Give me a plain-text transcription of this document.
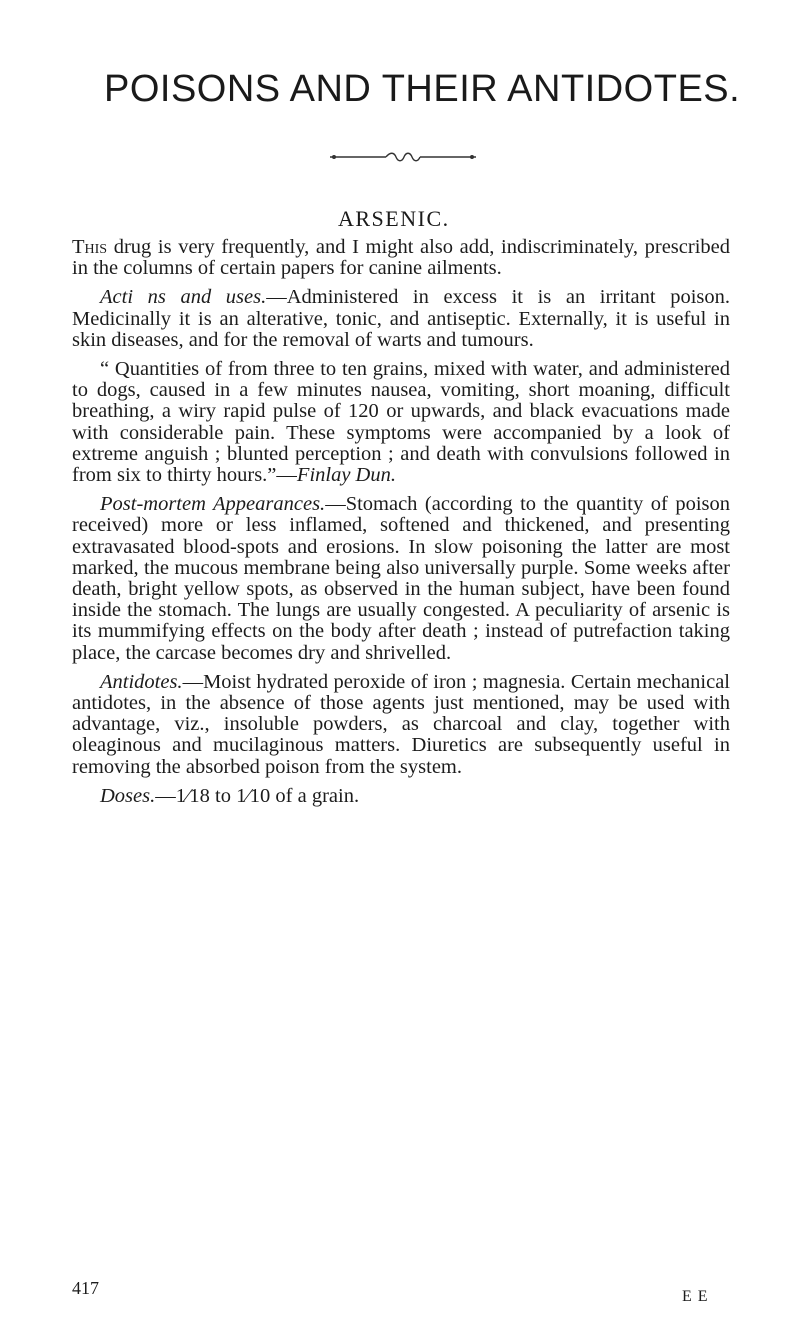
POISONS AND THEIR ANTIDOTES.
ARSENIC.

This drug is very frequently, and I might also add, indiscriminately, prescribed in the columns of certain papers for canine ailments.

Acti ns and uses.—Administered in excess it is an irritant poison. Medicinally it is an alterative, tonic, and antiseptic. Externally, it is useful in skin diseases, and for the removal of warts and tumours.

“ Quantities of from three to ten grains, mixed with water, and administered to dogs, caused in a few minutes nausea, vomiting, short moaning, difficult breathing, a wiry rapid pulse of 120 or upwards, and black evacuations made with considerable pain. These symptoms were accompanied by a look of extreme anguish ; blunted perception ; and death with convulsions followed in from six to thirty hours.”—Finlay Dun.

Post-mortem Appearances.—Stomach (according to the quantity of poison received) more or less inflamed, softened and thickened, and presenting extravasated blood-spots and erosions. In slow poisoning the latter are most marked, the mucous membrane being also universally purple. Some weeks after death, bright yellow spots, as observed in the human subject, have been found inside the stomach. The lungs are usually congested. A peculiarity of arsenic is its mummifying effects on the body after death ; instead of putrefaction taking place, the carcase becomes dry and shrivelled.

Antidotes.—Moist hydrated peroxide of iron ; magnesia. Certain mechanical antidotes, in the absence of those agents just mentioned, may be used with advantage, viz., insoluble powders, as charcoal and clay, together with oleaginous and mucilaginous matters. Diuretics are subsequently useful in removing the absorbed poison from the system.

Doses.—1⁄18 to 1⁄10 of a grain.

417	E E
